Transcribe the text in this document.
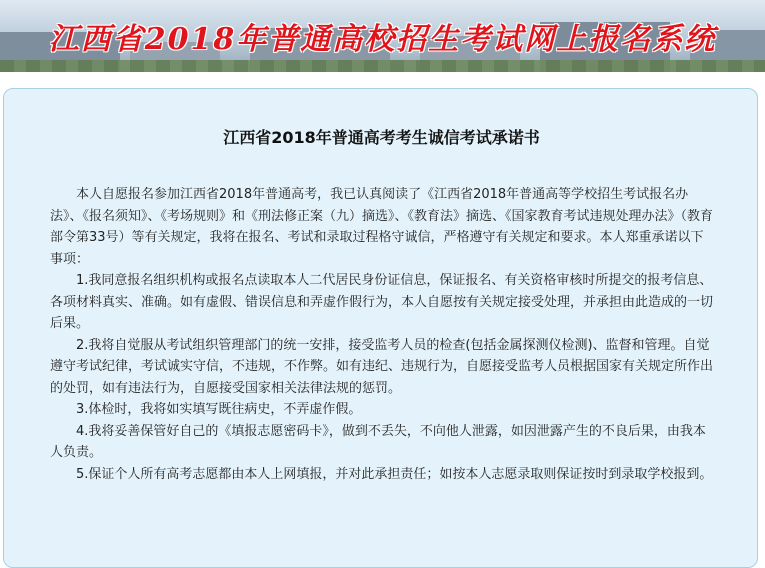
江西省2018年普通高校招生考试网上报名系统
江西省2018年普通高考考生诚信考试承诺书

本人自愿报名参加江西省2018年普通高考，我已认真阅读了《江西省2018年普通高等学校招生考试报名办法》、《报名须知》、《考场规则》和《刑法修正案（九）摘选》、《教育法》摘选、《国家教育考试违规处理办法》（教育部令第33号）等有关规定，我将在报名、考试和录取过程格守诚信，严格遵守有关规定和要求。本人郑重承诺以下事项：

1.我同意报名组织机构或报名点读取本人二代居民身份证信息，保证报名、有关资格审核时所提交的报考信息、各项材料真实、准确。如有虚假、错误信息和弄虚作假行为，本人自愿按有关规定接受处理，并承担由此造成的一切后果。

2.我将自觉服从考试组织管理部门的统一安排，接受监考人员的检查(包括金属探测仪检测)、监督和管理。自觉遵守考试纪律，考试诚实守信，不违规，不作弊。如有违纪、违规行为，自愿接受监考人员根据国家有关规定所作出的处罚，如有违法行为，自愿接受国家相关法律法规的惩罚。

3.体检时，我将如实填写既往病史，不弄虚作假。

4.我将妥善保管好自己的《填报志愿密码卡》，做到不丢失，不向他人泄露，如因泄露产生的不良后果，由我本人负责。

5.保证个人所有高考志愿都由本人上网填报，并对此承担责任；如按本人志愿录取则保证按时到录取学校报到。
